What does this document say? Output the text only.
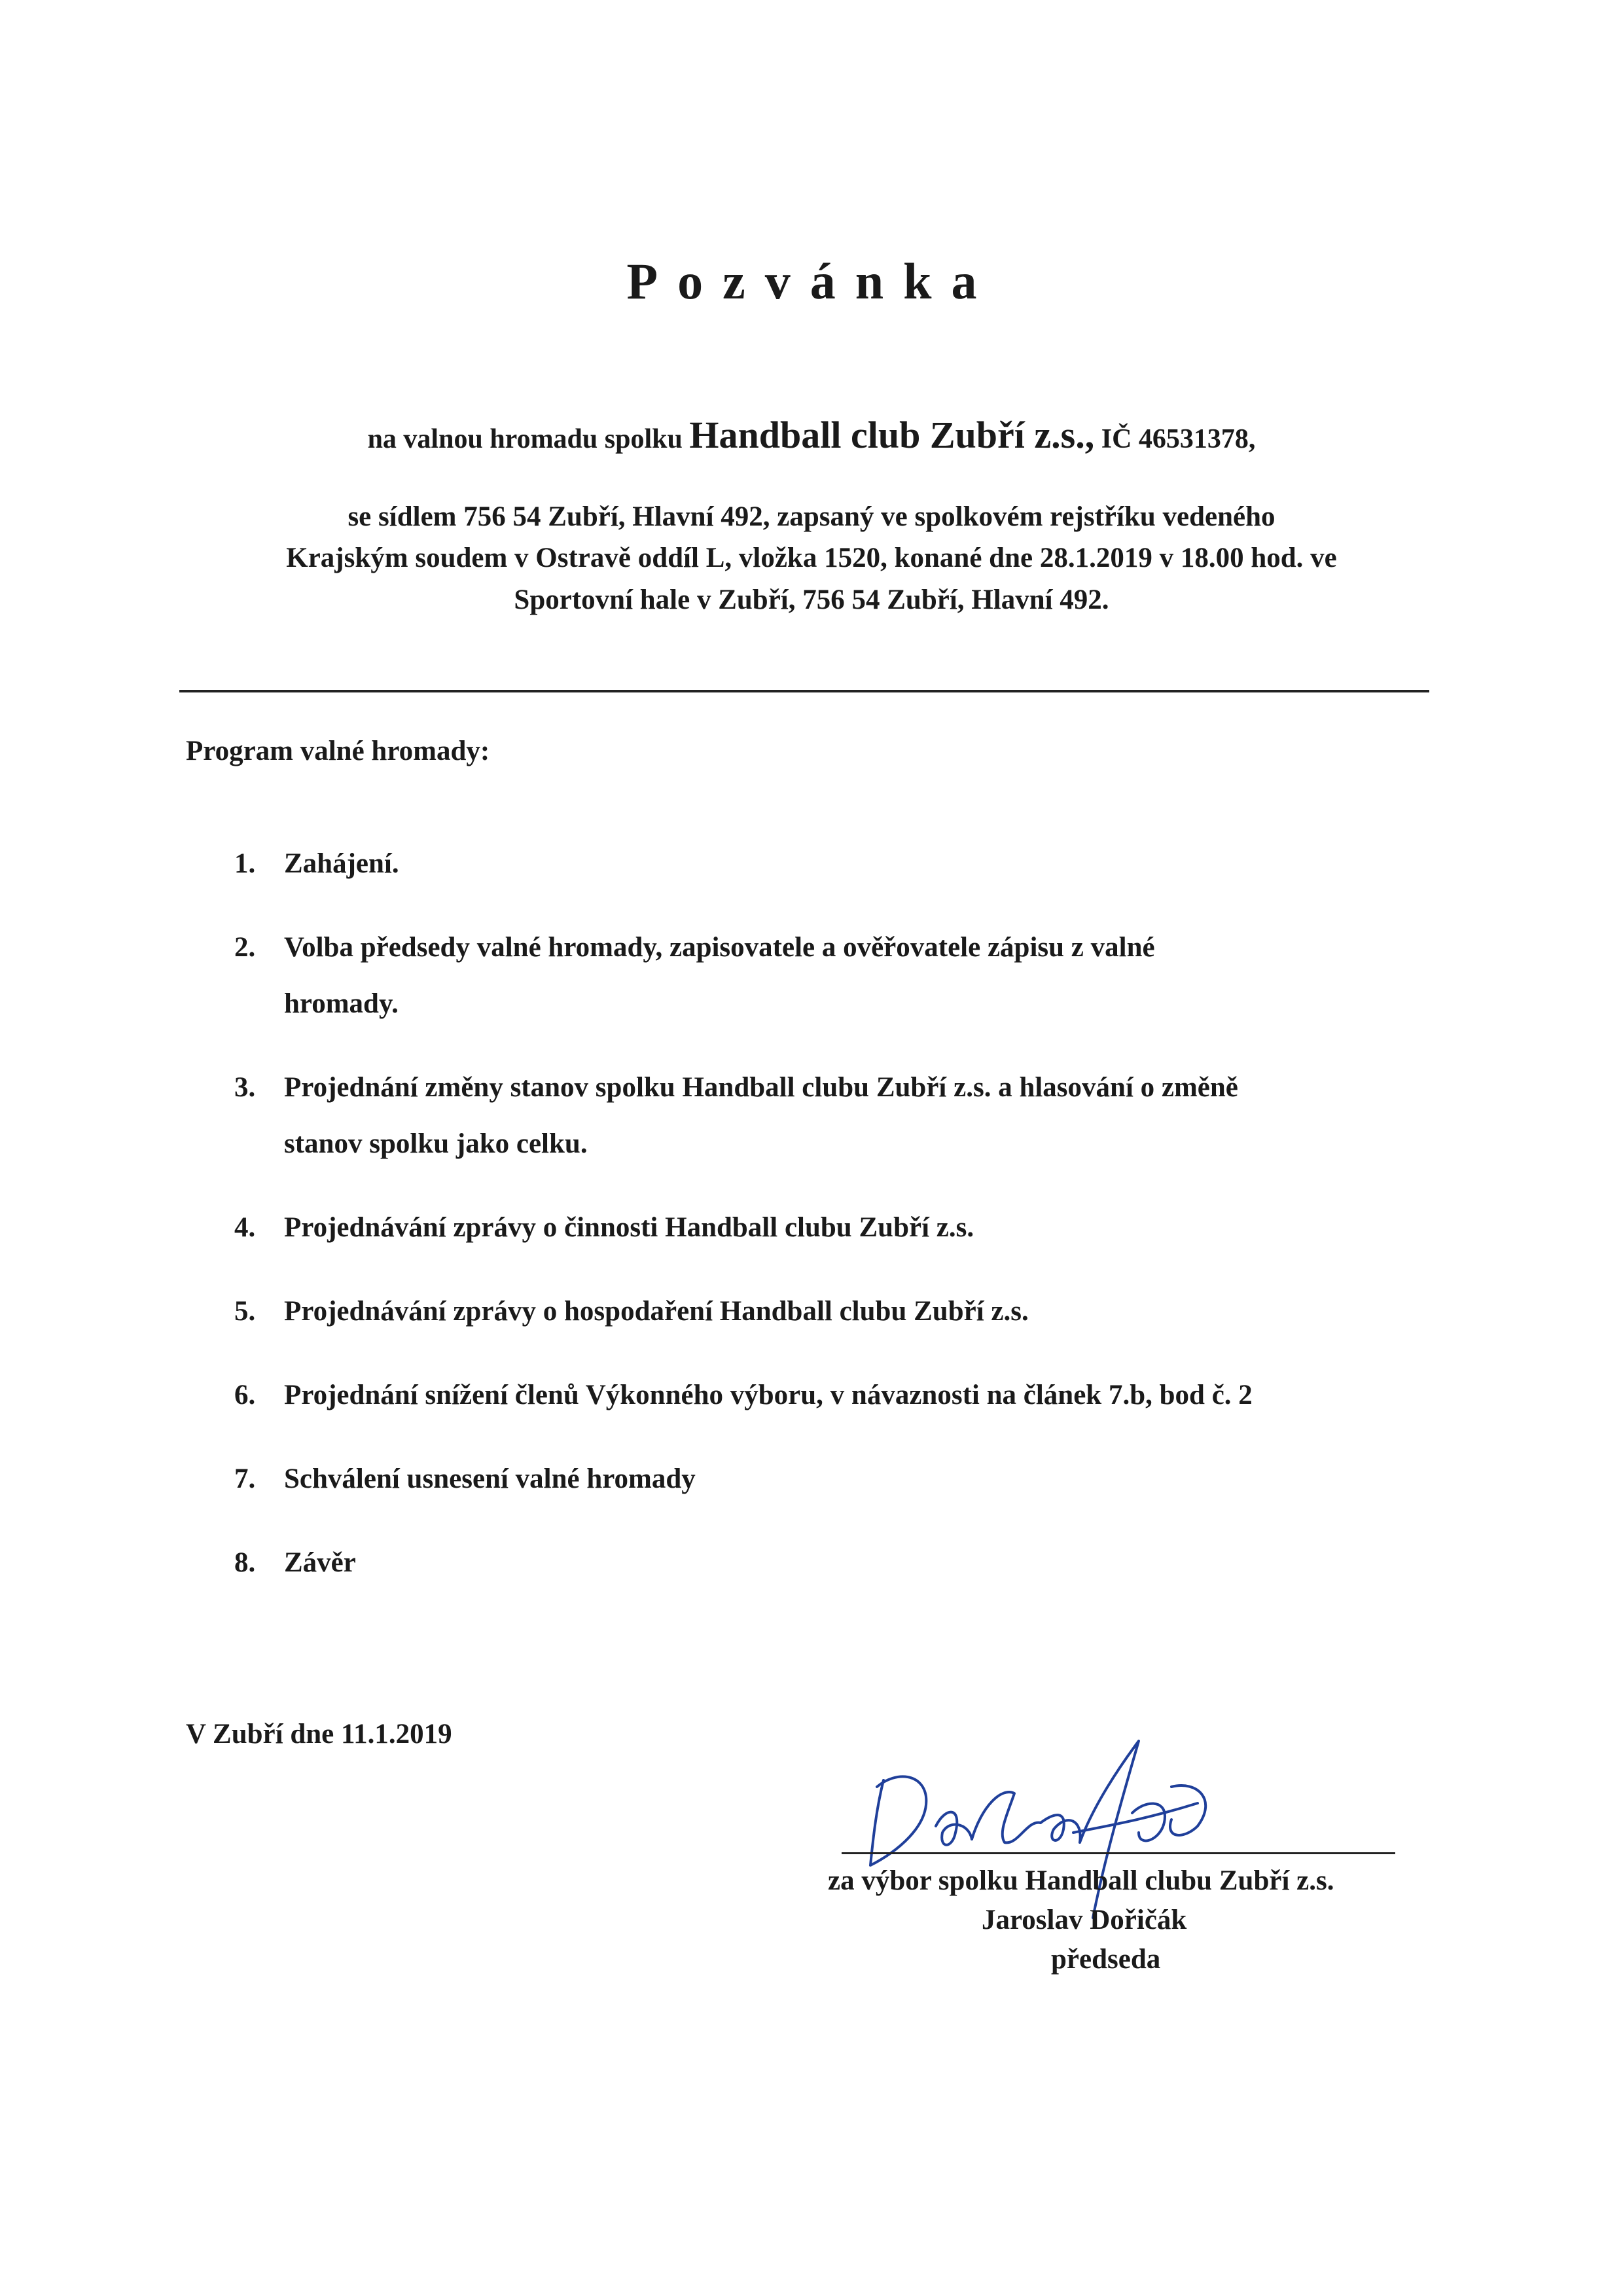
Pozvánka
na valnou hromadu spolku Handball club Zubří z.s., IČ 46531378,
se sídlem 756 54 Zubří, Hlavní 492, zapsaný ve spolkovém rejstříku vedeného
Krajským soudem v Ostravě oddíl L, vložka 1520, konané dne 28.1.2019 v 18.00 hod. ve
Sportovní hale v Zubří, 756 54 Zubří, Hlavní 492.
Program valné hromady:
1. Zahájení.
2. Volba předsedy valné hromady, zapisovatele a ověřovatele zápisu z valné
hromady.
3. Projednání změny stanov spolku Handball clubu Zubří z.s. a hlasování o změně
stanov spolku jako celku.
4. Projednávání zprávy o činnosti Handball clubu Zubří z.s.
5. Projednávání zprávy o hospodaření Handball clubu Zubří z.s.
6. Projednání snížení členů Výkonného výboru, v návaznosti na článek 7.b, bod č. 2
7. Schválení usnesení valné hromady
8. Závěr
V Zubří dne 11.1.2019
za výbor spolku Handball clubu Zubří z.s.
Jaroslav Dořičák
předseda
